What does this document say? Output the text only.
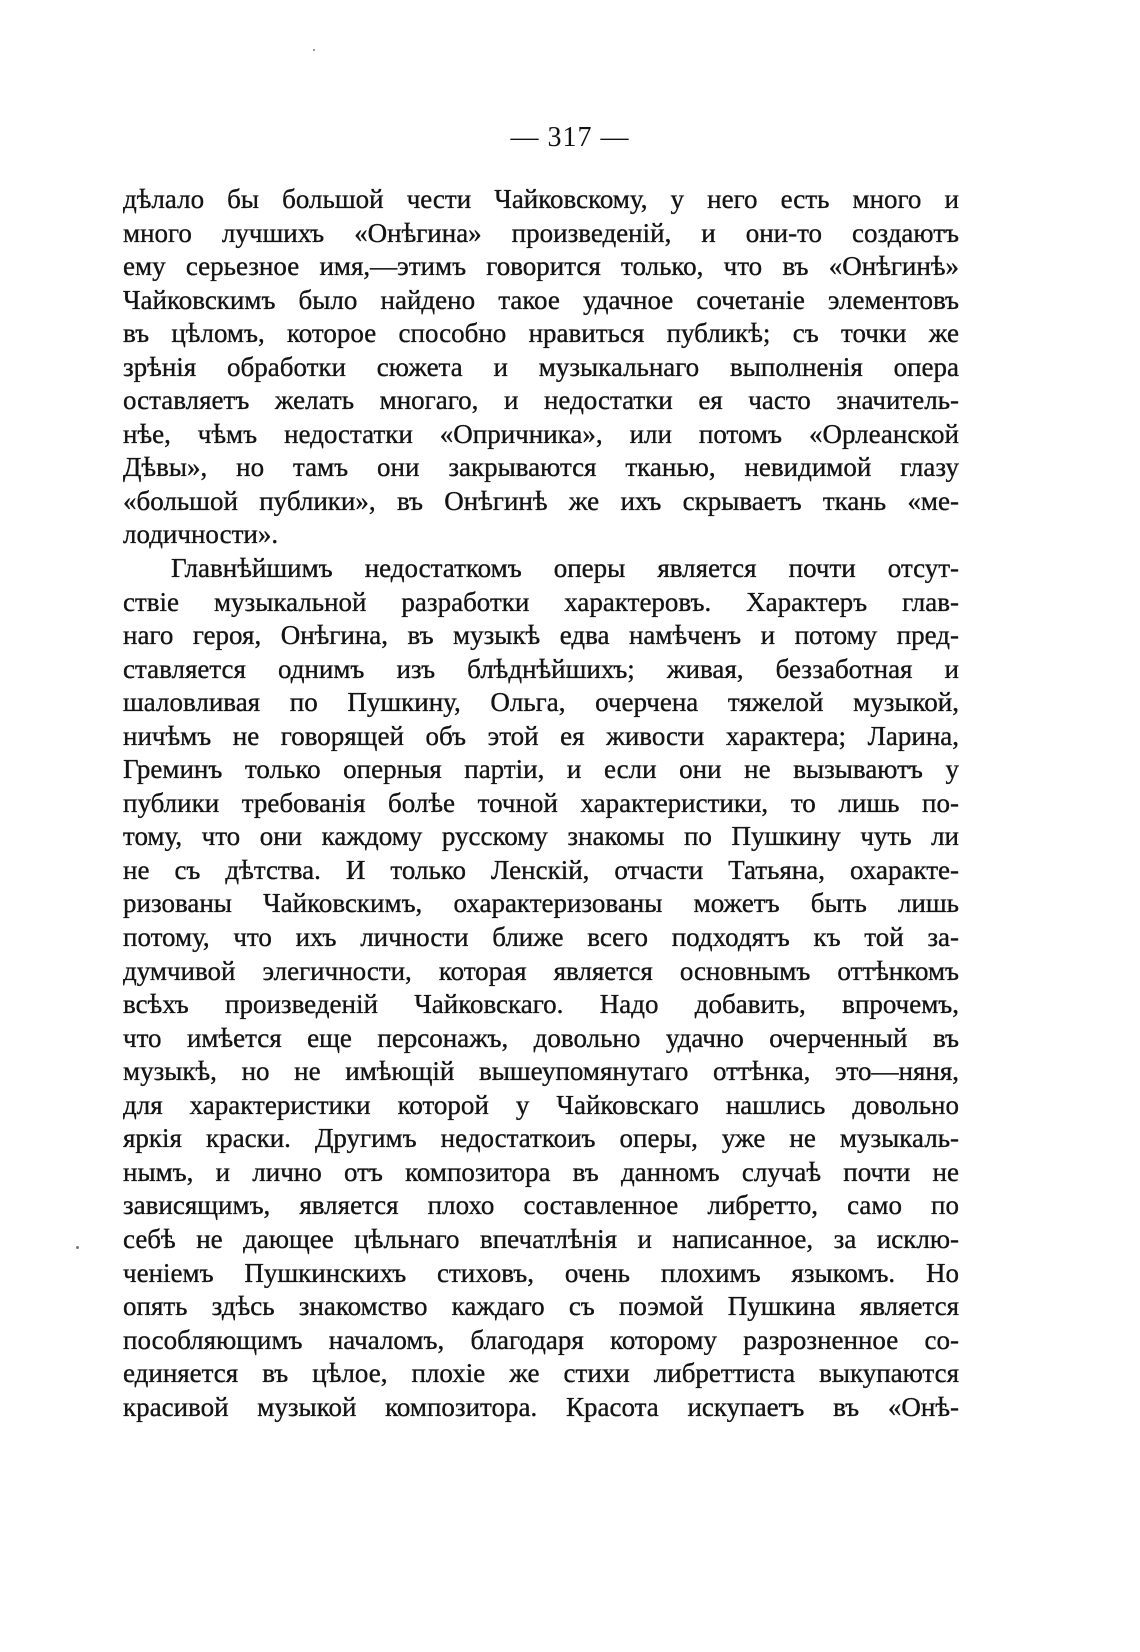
— 317 —
дѣлало бы большой чести Чайковскому, у него есть много и
много лучшихъ «Онѣгина» произведеній, и они-то создаютъ
ему серьезное имя,—этимъ говорится только, что въ «Онѣгинѣ»
Чайковскимъ было найдено такое удачное сочетаніе элементовъ
въ цѣломъ, которое способно нравиться публикѣ; съ точки же
зрѣнія обработки сюжета и музыкальнаго выполненія опера
оставляетъ желать многаго, и недостатки ея часто значитель-
нѣе, чѣмъ недостатки «Опричника», или потомъ «Орлеанской
Дѣвы», но тамъ они закрываются тканью, невидимой глазу
«большой публики», въ Онѣгинѣ же ихъ скрываетъ ткань «ме-
лодичности».
Главнѣйшимъ недостаткомъ оперы является почти отсут-
ствіе музыкальной разработки характеровъ. Характеръ глав-
наго героя, Онѣгина, въ музыкѣ едва намѣченъ и потому пред-
ставляется однимъ изъ блѣднѣйшихъ; живая, беззаботная и
шаловливая по Пушкину, Ольга, очерчена тяжелой музыкой,
ничѣмъ не говорящей объ этой ея живости характера; Ларина,
Греминъ только оперныя партіи, и если они не вызываютъ у
публики требованія болѣе точной характеристики, то лишь по-
тому, что они каждому русскому знакомы по Пушкину чуть ли
не съ дѣтства. И только Ленскій, отчасти Татьяна, охаракте-
ризованы Чайковскимъ, охарактеризованы можетъ быть лишь
потому, что ихъ личности ближе всего подходятъ къ той за-
думчивой элегичности, которая является основнымъ оттѣнкомъ
всѣхъ произведеній Чайковскаго. Надо добавить, впрочемъ,
что имѣется еще персонажъ, довольно удачно очерченный въ
музыкѣ, но не имѣющій вышеупомянутаго оттѣнка, это—няня,
для характеристики которой у Чайковскаго нашлись довольно
яркія краски. Другимъ недостаткоиъ оперы, уже не музыкаль-
нымъ, и лично отъ композитора въ данномъ случаѣ почти не
зависящимъ, является плохо составленное либретто, само по
себѣ не дающее цѣльнаго впечатлѣнія и написанное, за исклю-
ченіемъ Пушкинскихъ стиховъ, очень плохимъ языкомъ. Но
опять здѣсь знакомство каждаго съ поэмой Пушкина является
пособляющимъ началомъ, благодаря которому разрозненное со-
единяется въ цѣлое, плохіе же стихи либреттиста выкупаются
красивой музыкой композитора. Красота искупаетъ въ «Онѣ-
